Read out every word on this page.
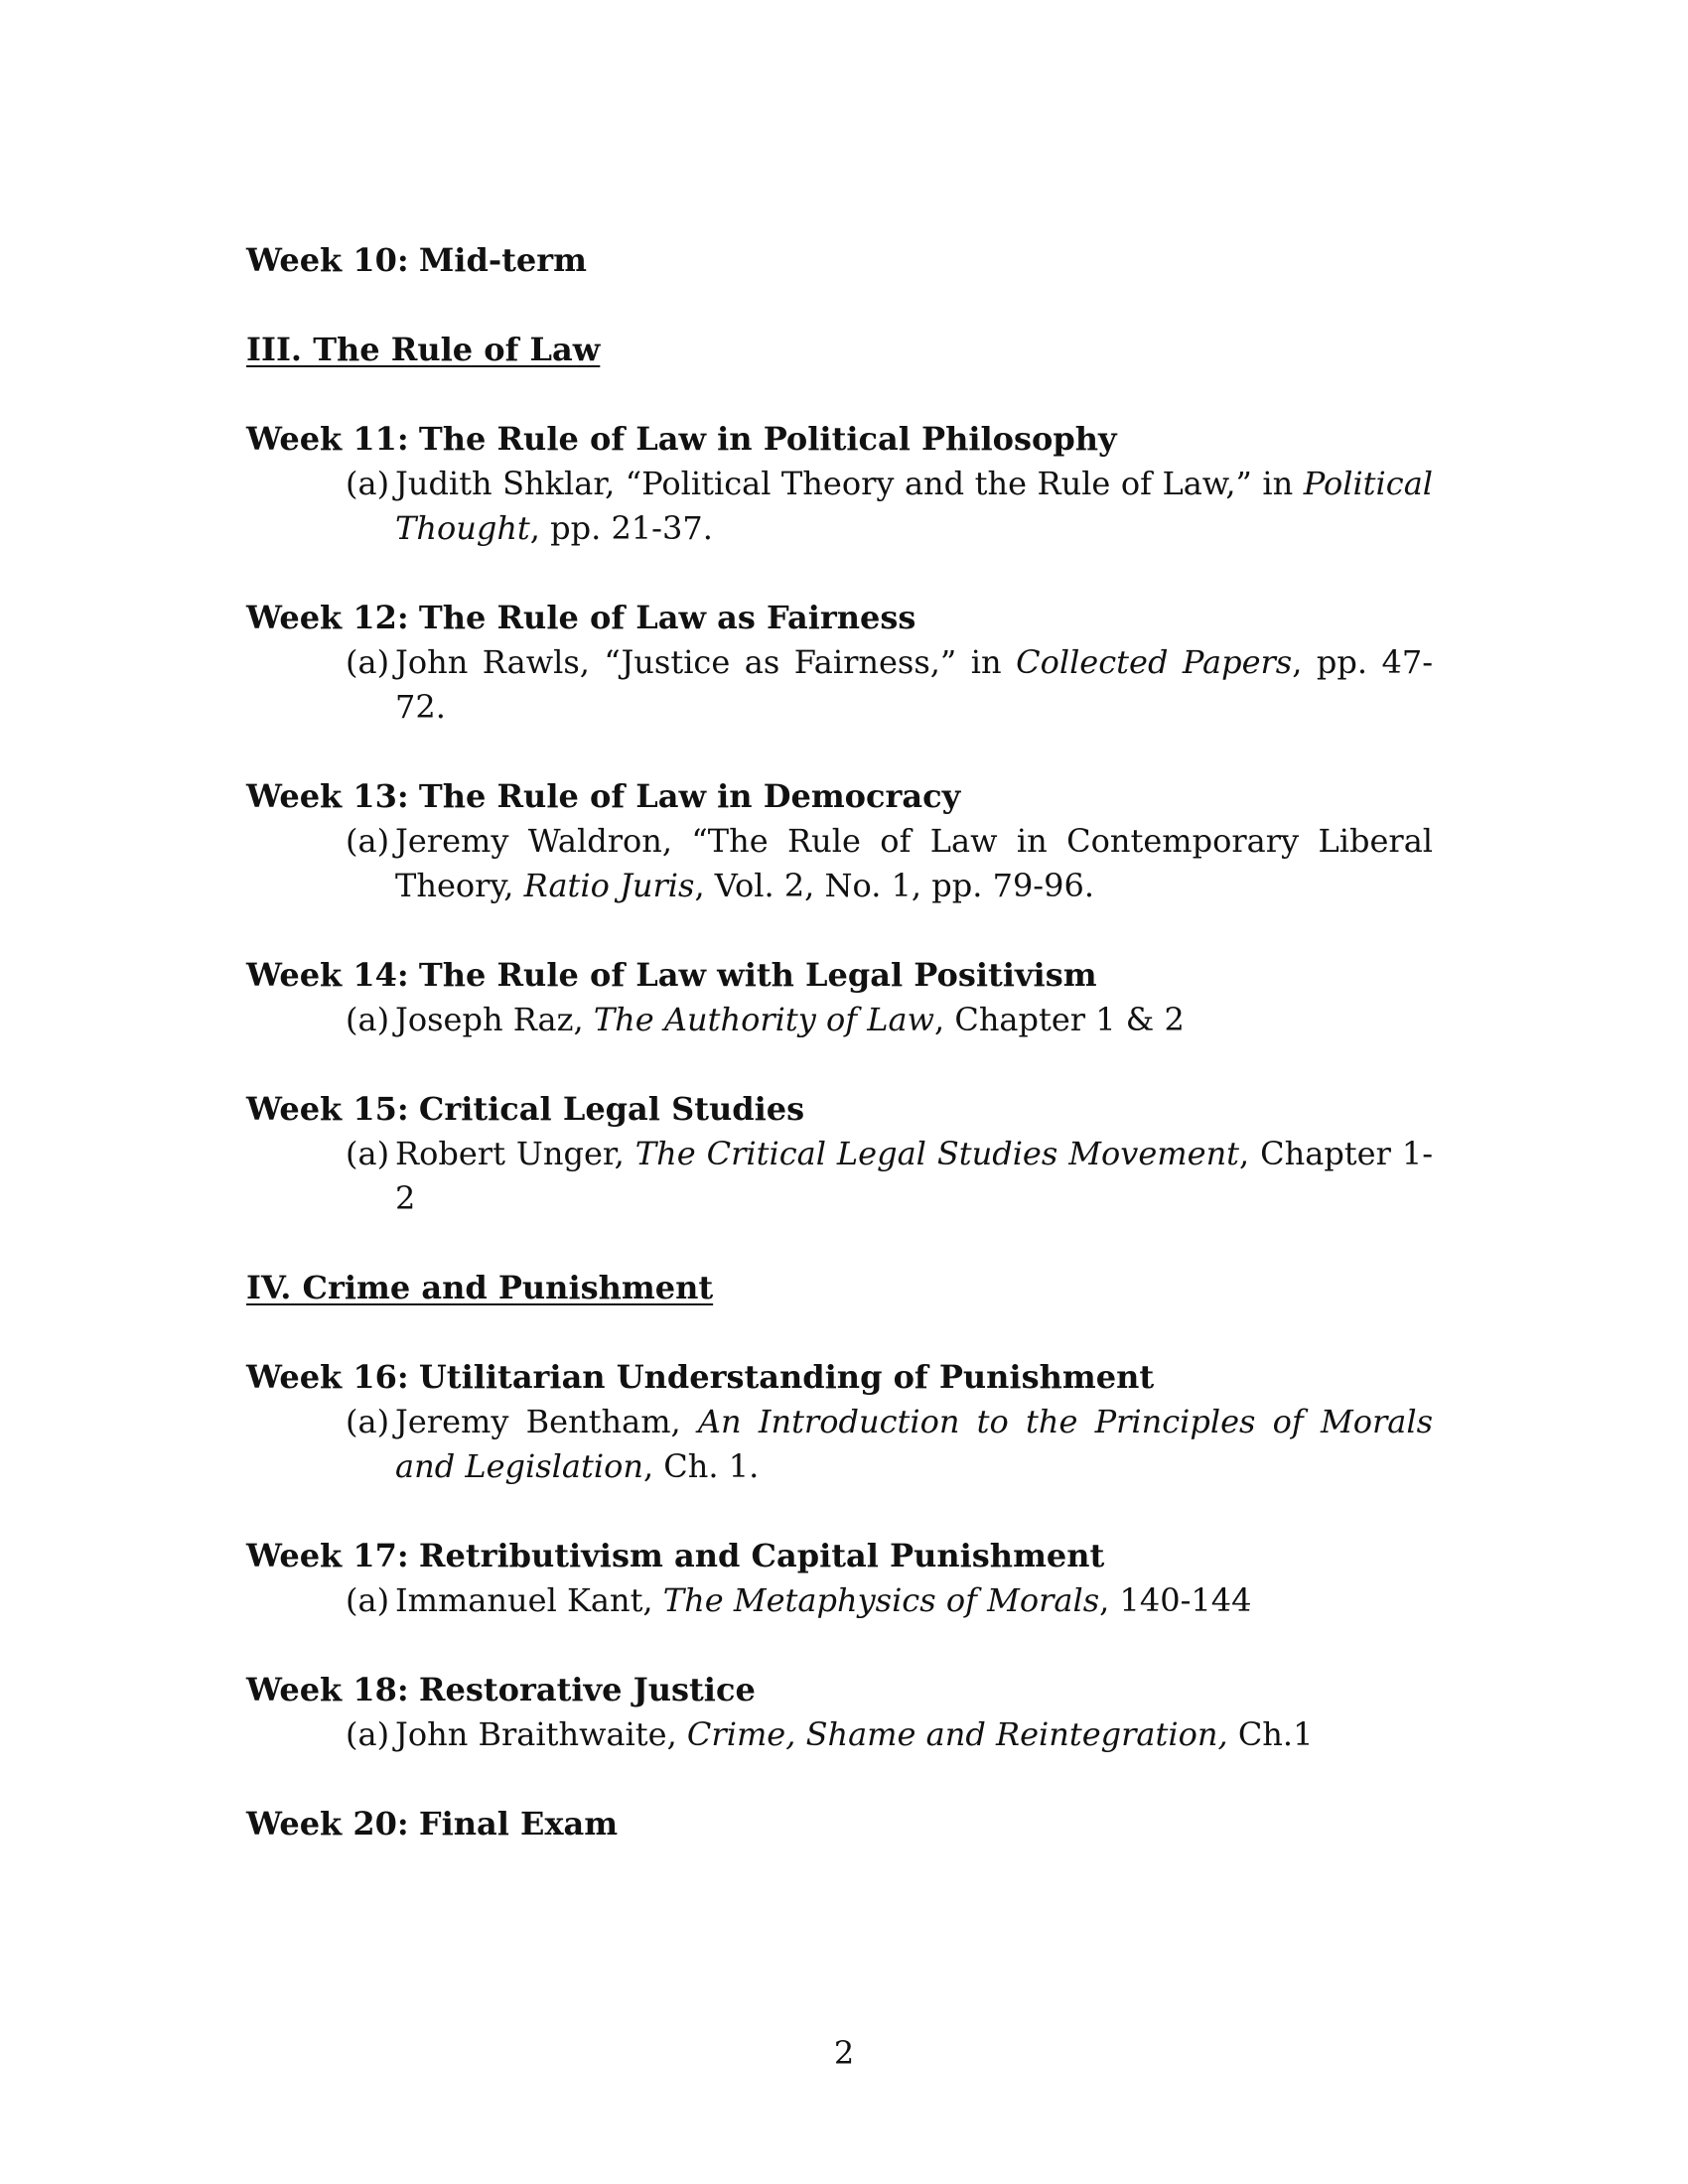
Week 10: Mid-term

III. The Rule of Law

Week 11: The Rule of Law in Political Philosophy

(a) Judith Shklar, “Political Theory and the Rule of Law,” in Political Thought, pp. 21-37.

Week 12: The Rule of Law as Fairness

(a) John Rawls, “Justice as Fairness,” in Collected Papers, pp. 47-72.

Week 13: The Rule of Law in Democracy

(a) Jeremy Waldron, “The Rule of Law in Contemporary Liberal Theory, Ratio Juris, Vol. 2, No. 1, pp. 79-96.

Week 14: The Rule of Law with Legal Positivism

(a) Joseph Raz, The Authority of Law, Chapter 1 & 2

Week 15: Critical Legal Studies

(a) Robert Unger, The Critical Legal Studies Movement, Chapter 1-2

IV. Crime and Punishment

Week 16: Utilitarian Understanding of Punishment

(a) Jeremy Bentham, An Introduction to the Principles of Morals and Legislation, Ch. 1.

Week 17: Retributivism and Capital Punishment

(a) Immanuel Kant, The Metaphysics of Morals, 140-144

Week 18: Restorative Justice

(a) John Braithwaite, Crime, Shame and Reintegration, Ch.1

Week 20: Final Exam

2
